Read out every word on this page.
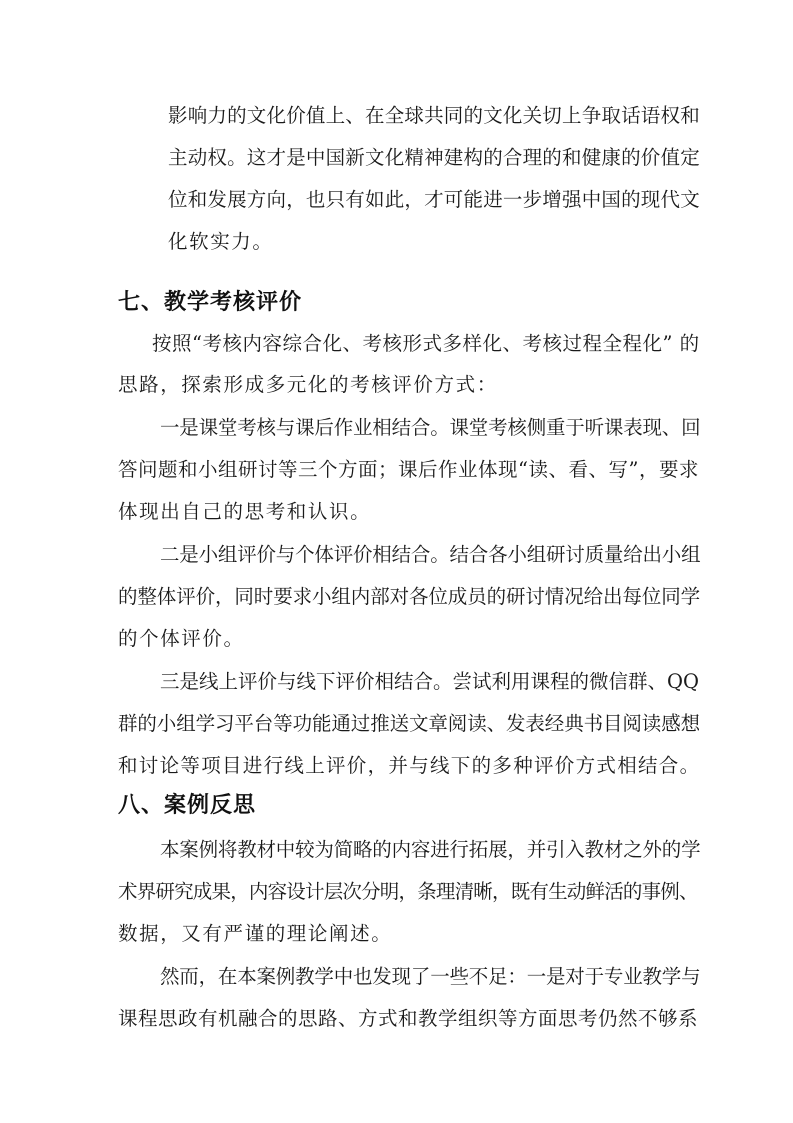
影响力的文化价值上、在全球共同的文化关切上争取话语权和

主动权。这才是中国新文化精神建构的合理的和健康的价值定

位和发展方向，也只有如此，才可能进一步增强中国的现代文

化软实力。

七、教学考核评价

按照“考核内容综合化、考核形式多样化、考核过程全程化” 的

思路，探索形成多元化的考核评价方式：

一是课堂考核与课后作业相结合。课堂考核侧重于听课表现、回

答问题和小组研讨等三个方面；课后作业体现“读、看、写”，要求

体现出自己的思考和认识。

二是小组评价与个体评价相结合。结合各小组研讨质量给出小组

的整体评价，同时要求小组内部对各位成员的研讨情况给出每位同学

的个体评价。

三是线上评价与线下评价相结合。尝试利用课程的微信群、QQ

群的小组学习平台等功能通过推送文章阅读、发表经典书目阅读感想

和讨论等项目进行线上评价，并与线下的多种评价方式相结合。

八、案例反思

本案例将教材中较为简略的内容进行拓展，并引入教材之外的学

术界研究成果，内容设计层次分明，条理清晰，既有生动鲜活的事例、

数据，又有严谨的理论阐述。

然而，在本案例教学中也发现了一些不足：一是对于专业教学与

课程思政有机融合的思路、方式和教学组织等方面思考仍然不够系
